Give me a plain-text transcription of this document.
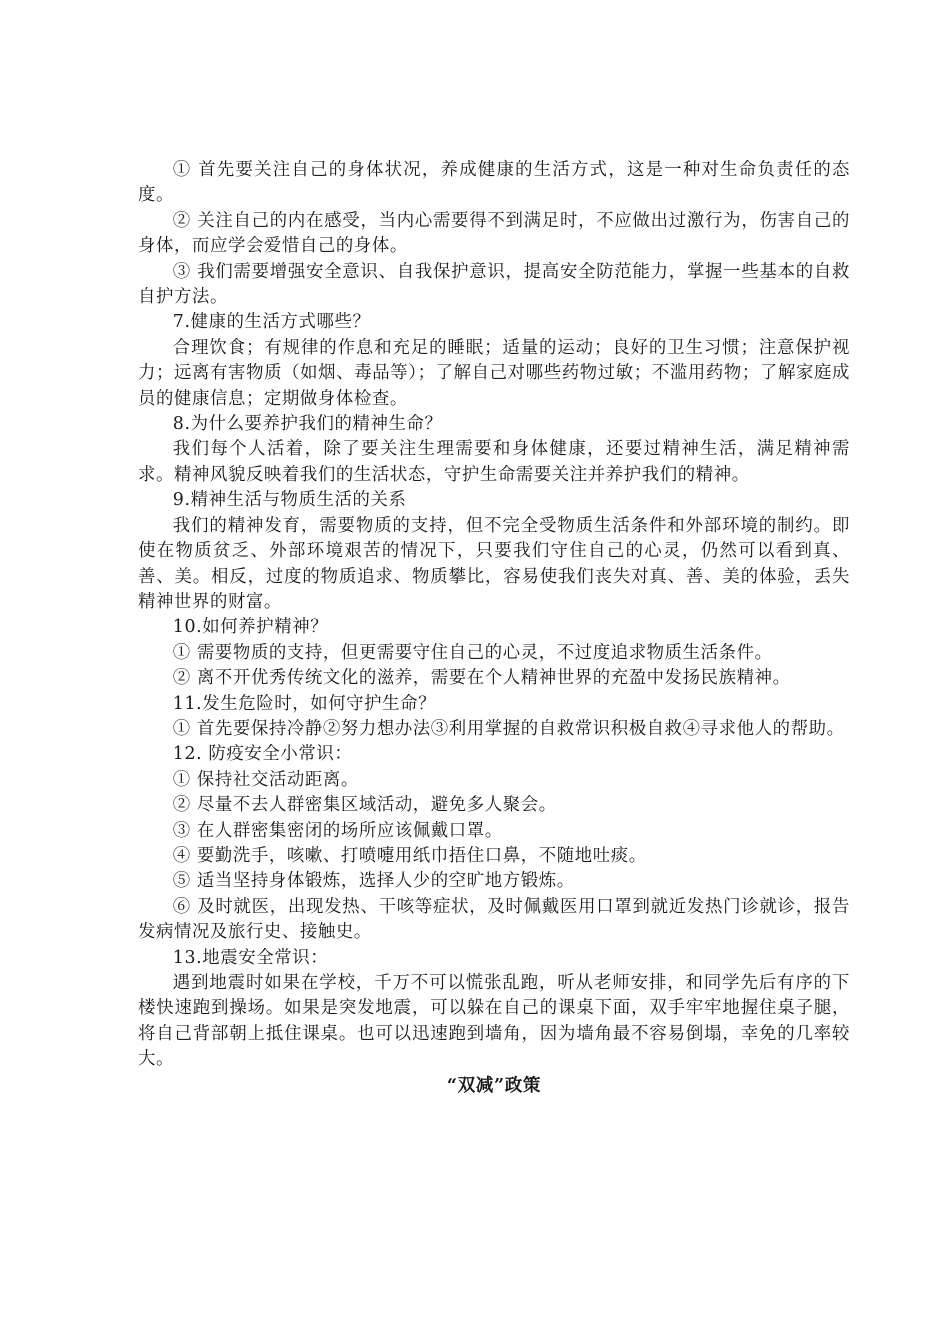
① 首先要关注自己的身体状况，养成健康的生活方式，这是一种对生命负责任的态度。

② 关注自己的内在感受，当内心需要得不到满足时，不应做出过激行为，伤害自己的身体，而应学会爱惜自己的身体。

③ 我们需要增强安全意识、自我保护意识，提高安全防范能力，掌握一些基本的自救自护方法。

7.健康的生活方式哪些？

合理饮食；有规律的作息和充足的睡眠；适量的运动；良好的卫生习惯；注意保护视力；远离有害物质（如烟、毒品等）；了解自己对哪些药物过敏；不滥用药物；了解家庭成员的健康信息；定期做身体检查。

8.为什么要养护我们的精神生命？

我们每个人活着，除了要关注生理需要和身体健康，还要过精神生活，满足精神需求。精神风貌反映着我们的生活状态，守护生命需要关注并养护我们的精神。

9.精神生活与物质生活的关系

我们的精神发育，需要物质的支持，但不完全受物质生活条件和外部环境的制约。即使在物质贫乏、外部环境艰苦的情况下，只要我们守住自己的心灵，仍然可以看到真、善、美。相反，过度的物质追求、物质攀比，容易使我们丧失对真、善、美的体验，丢失精神世界的财富。

10.如何养护精神？

① 需要物质的支持，但更需要守住自己的心灵，不过度追求物质生活条件。

② 离不开优秀传统文化的滋养，需要在个人精神世界的充盈中发扬民族精神。

11.发生危险时，如何守护生命？

① 首先要保持冷静②努力想办法③利用掌握的自救常识积极自救④寻求他人的帮助。

12. 防疫安全小常识：

① 保持社交活动距离。

② 尽量不去人群密集区域活动，避免多人聚会。

③ 在人群密集密闭的场所应该佩戴口罩。

④ 要勤洗手，咳嗽、打喷嚏用纸巾捂住口鼻，不随地吐痰。

⑤ 适当坚持身体锻炼，选择人少的空旷地方锻炼。

⑥ 及时就医，出现发热、干咳等症状，及时佩戴医用口罩到就近发热门诊就诊，报告发病情况及旅行史、接触史。

13.地震安全常识：

遇到地震时如果在学校，千万不可以慌张乱跑，听从老师安排，和同学先后有序的下楼快速跑到操场。如果是突发地震，可以躲在自己的课桌下面，双手牢牢地握住桌子腿，将自己背部朝上抵住课桌。也可以迅速跑到墙角，因为墙角最不容易倒塌，幸免的几率较大。

“双减”政策
